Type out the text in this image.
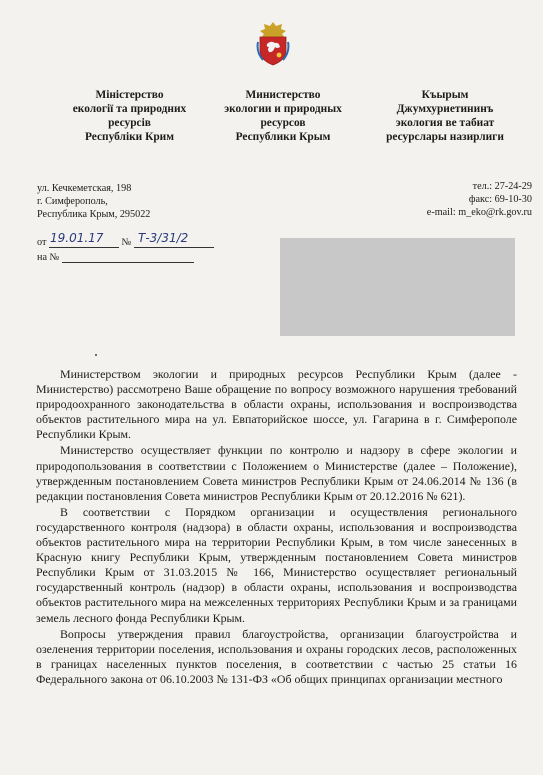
Міністерство
екології та природних
ресурсів
Республіки Крим
Министерство
экологии и природных
ресурсов
Республики Крым
Къырым
Джумхуриетининъ
экология ве табиат
ресурслары назирлиги
ул. Кечкеметская, 198
г. Симферополь,
Республика Крым, 295022
тел.: 27-24-29
факс: 69-10-30
e-mail: m_eko@rk.gov.ru
от	№
19.01.17	Т-3/31/2
на №

Министерством экологии и природных ресурсов Республики Крым (далее - Министерство) рассмотрено Ваше обращение по вопросу возможного нарушения требований природоохранного законодательства в области охраны, использования и воспроизводства объектов растительного мира на ул. Евпаторийское шоссе, ул. Гагарина в г. Симферополе Республики Крым.

Министерство осуществляет функции по контролю и надзору в сфере экологии и природопользования в соответствии с Положением о Министерстве (далее – Положение), утвержденным постановлением Совета министров Республики Крым от 24.06.2014 № 136 (в редакции постановления Совета министров Республики Крым от 20.12.2016 № 621).

В соответствии с Порядком организации и осуществления регионального государственного контроля (надзора) в области охраны, использования и воспроизводства объектов растительного мира на территории Республики Крым, в том числе занесенных в Красную книгу Республики Крым, утвержденным постановлением Совета министров Республики Крым от 31.03.2015 № 166, Министерство осуществляет региональный государственный контроль (надзор) в области охраны, использования и воспроизводства объектов растительного мира на межселенных территориях Республики Крым и за границами земель лесного фонда Республики Крым.

Вопросы утверждения правил благоустройства, организации благоустройства и озеленения территории поселения, использования и охраны городских лесов, расположенных в границах населенных пунктов поселения, в соответствии с частью 25 статьи 16 Федерального закона от 06.10.2003 № 131-ФЗ «Об общих принципах организации местного
